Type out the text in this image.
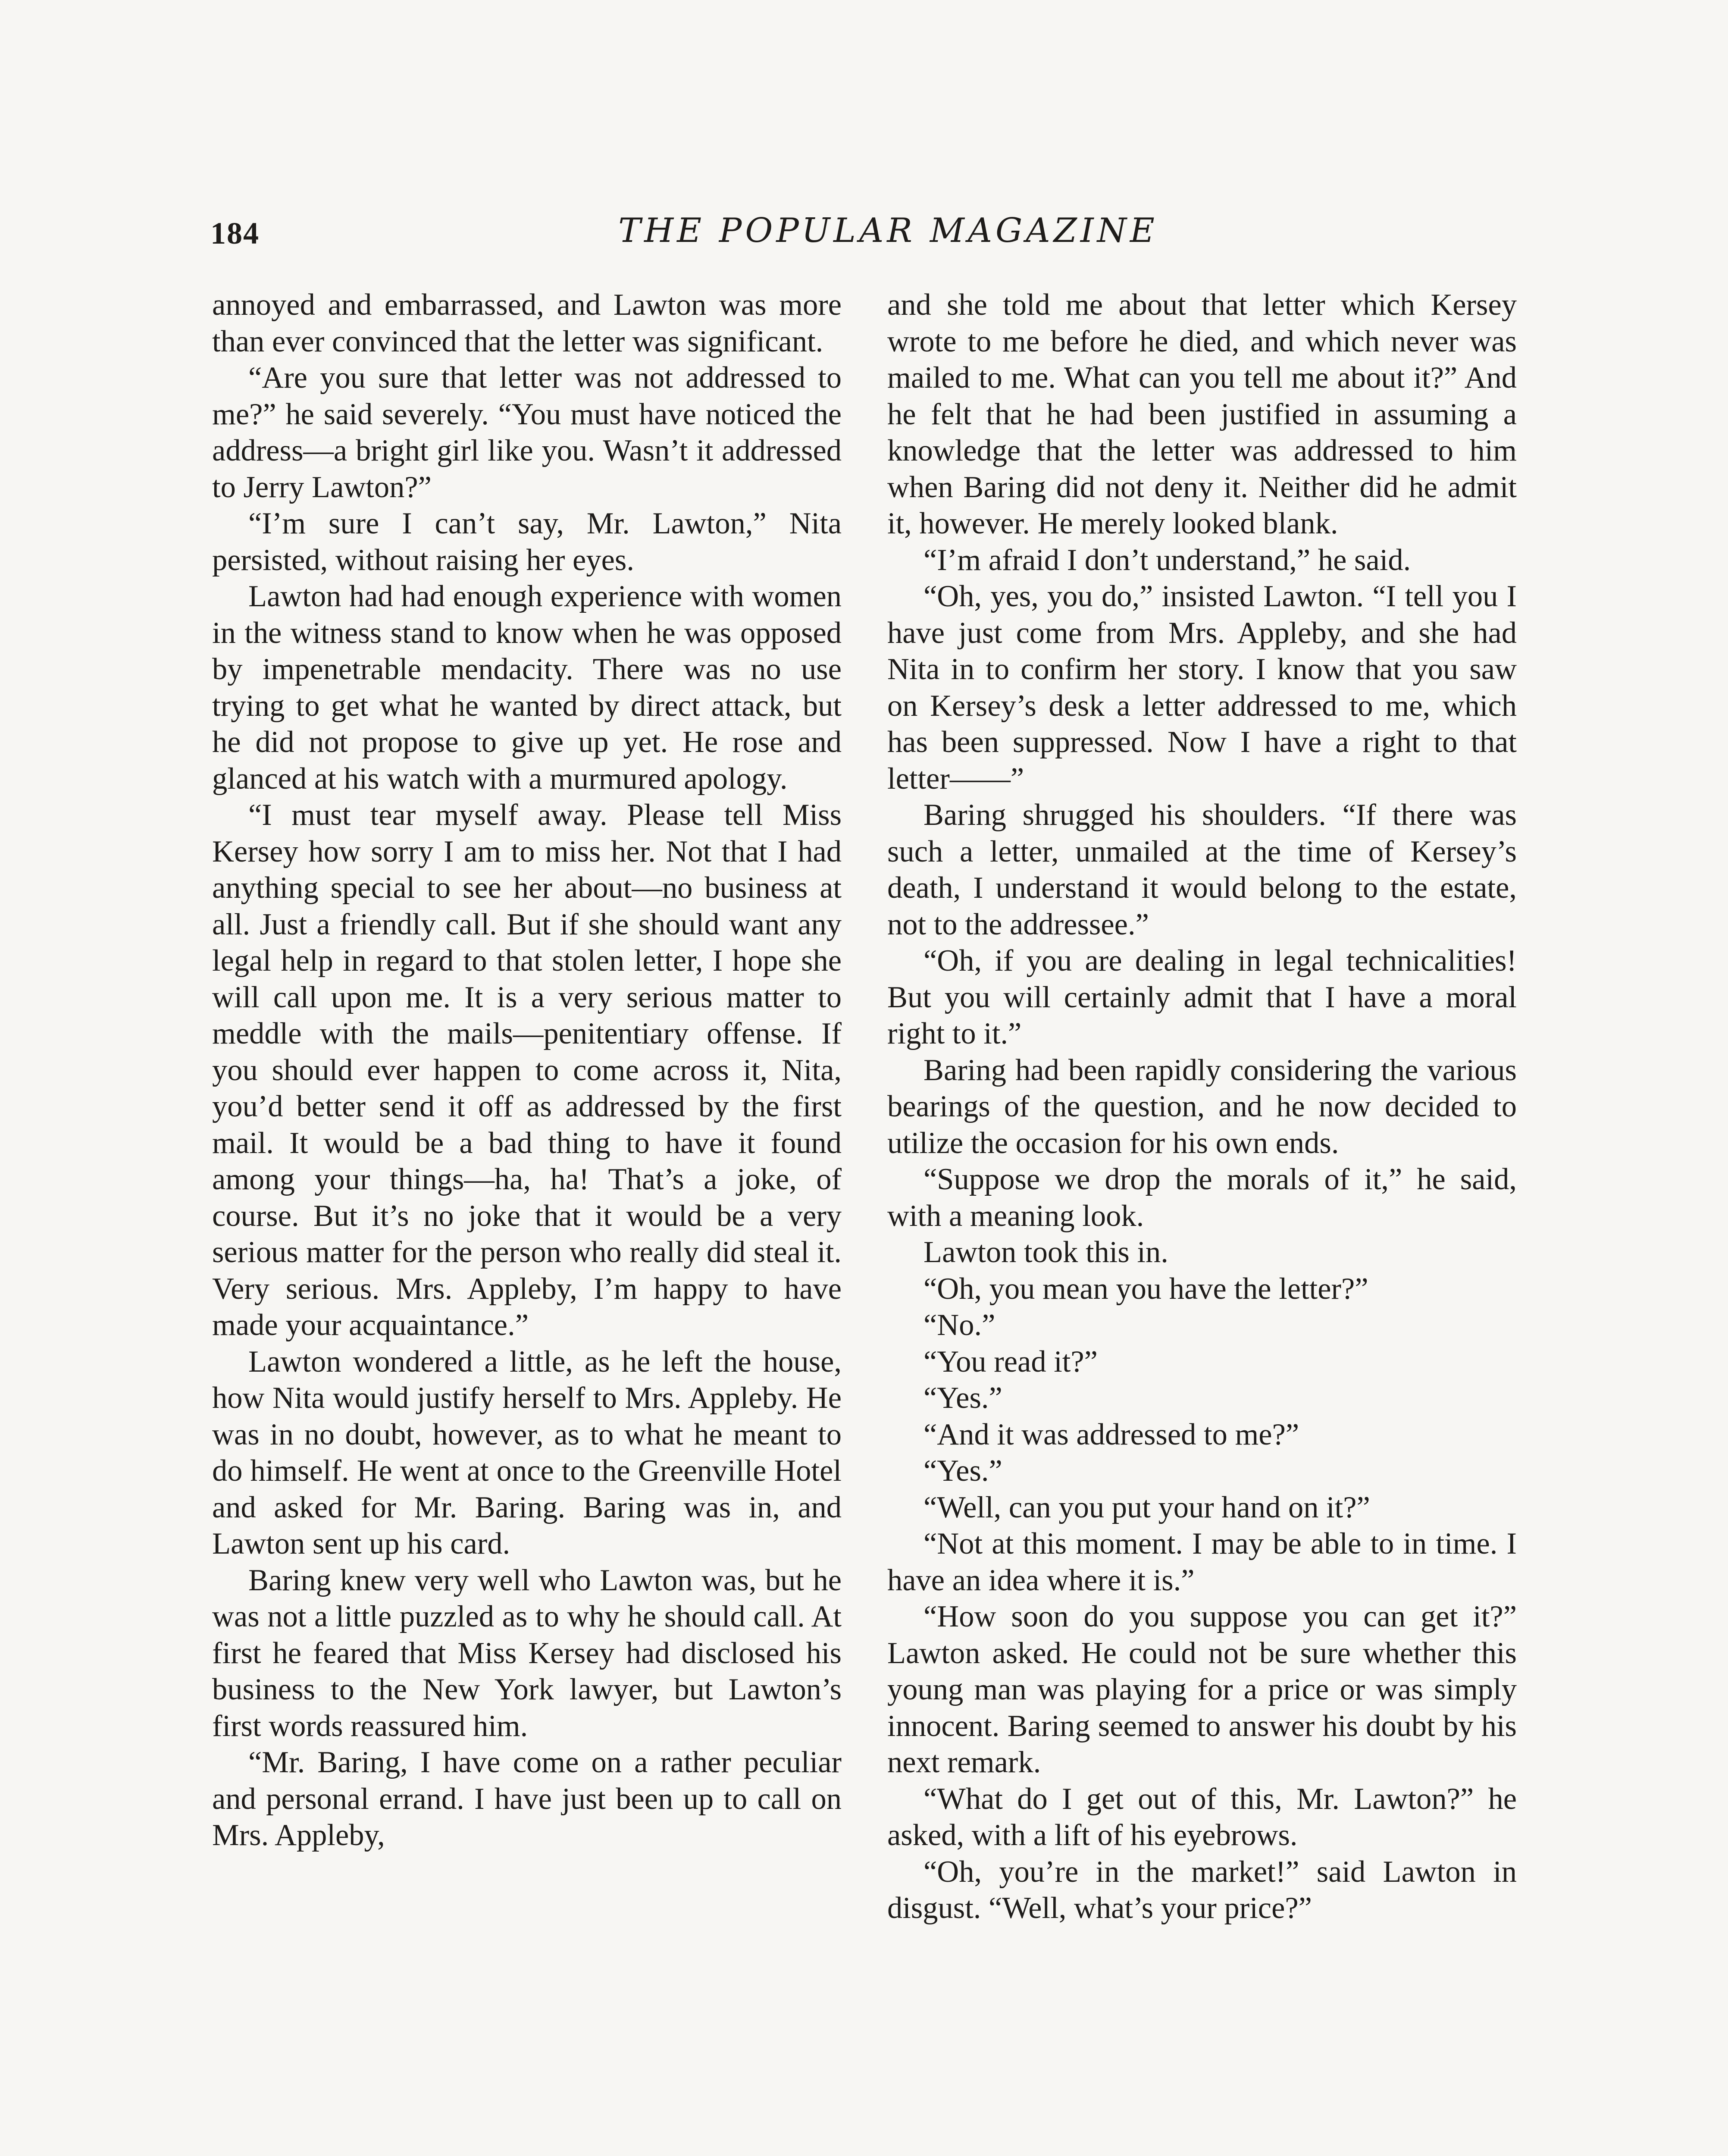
184	THE POPULAR MAGAZINE

annoyed and embarrassed, and Lawton was more than ever convinced that the letter was significant.

“Are you sure that letter was not addressed to me?” he said severely. “You must have noticed the address—a bright girl like you. Wasn’t it addressed to Jerry Lawton?”

“I’m sure I can’t say, Mr. Lawton,” Nita persisted, without raising her eyes.

Lawton had had enough experience with women in the witness stand to know when he was opposed by impenetrable mendacity. There was no use trying to get what he wanted by direct attack, but he did not propose to give up yet. He rose and glanced at his watch with a murmured apology.

“I must tear myself away. Please tell Miss Kersey how sorry I am to miss her. Not that I had anything special to see her about—no business at all. Just a friendly call. But if she should want any legal help in regard to that stolen letter, I hope she will call upon me. It is a very serious matter to meddle with the mails—penitentiary offense. If you should ever happen to come across it, Nita, you’d better send it off as addressed by the first mail. It would be a bad thing to have it found among your things—ha, ha! That’s a joke, of course. But it’s no joke that it would be a very serious matter for the person who really did steal it. Very serious. Mrs. Appleby, I’m happy to have made your acquaintance.”

Lawton wondered a little, as he left the house, how Nita would justify herself to Mrs. Appleby. He was in no doubt, however, as to what he meant to do himself. He went at once to the Greenville Hotel and asked for Mr. Baring. Baring was in, and Lawton sent up his card.

Baring knew very well who Lawton was, but he was not a little puzzled as to why he should call. At first he feared that Miss Kersey had disclosed his business to the New York lawyer, but Lawton’s first words reassured him.

“Mr. Baring, I have come on a rather peculiar and personal errand. I have just been up to call on Mrs. Appleby,

and she told me about that letter which Kersey wrote to me before he died, and which never was mailed to me. What can you tell me about it?” And he felt that he had been justified in assuming a knowledge that the letter was addressed to him when Baring did not deny it. Neither did he admit it, however. He merely looked blank.

“I’m afraid I don’t understand,” he said.

“Oh, yes, you do,” insisted Lawton. “I tell you I have just come from Mrs. Appleby, and she had Nita in to confirm her story. I know that you saw on Kersey’s desk a letter addressed to me, which has been suppressed. Now I have a right to that letter——”

Baring shrugged his shoulders. “If there was such a letter, unmailed at the time of Kersey’s death, I understand it would belong to the estate, not to the addressee.”

“Oh, if you are dealing in legal technicalities! But you will certainly admit that I have a moral right to it.”

Baring had been rapidly considering the various bearings of the question, and he now decided to utilize the occasion for his own ends.

“Suppose we drop the morals of it,” he said, with a meaning look.

Lawton took this in.

“Oh, you mean you have the letter?”

“No.”

“You read it?”

“Yes.”

“And it was addressed to me?”

“Yes.”

“Well, can you put your hand on it?”

“Not at this moment. I may be able to in time. I have an idea where it is.”

“How soon do you suppose you can get it?” Lawton asked. He could not be sure whether this young man was playing for a price or was simply innocent. Baring seemed to answer his doubt by his next remark.

“What do I get out of this, Mr. Lawton?” he asked, with a lift of his eyebrows.

“Oh, you’re in the market!” said Lawton in disgust. “Well, what’s your price?”
